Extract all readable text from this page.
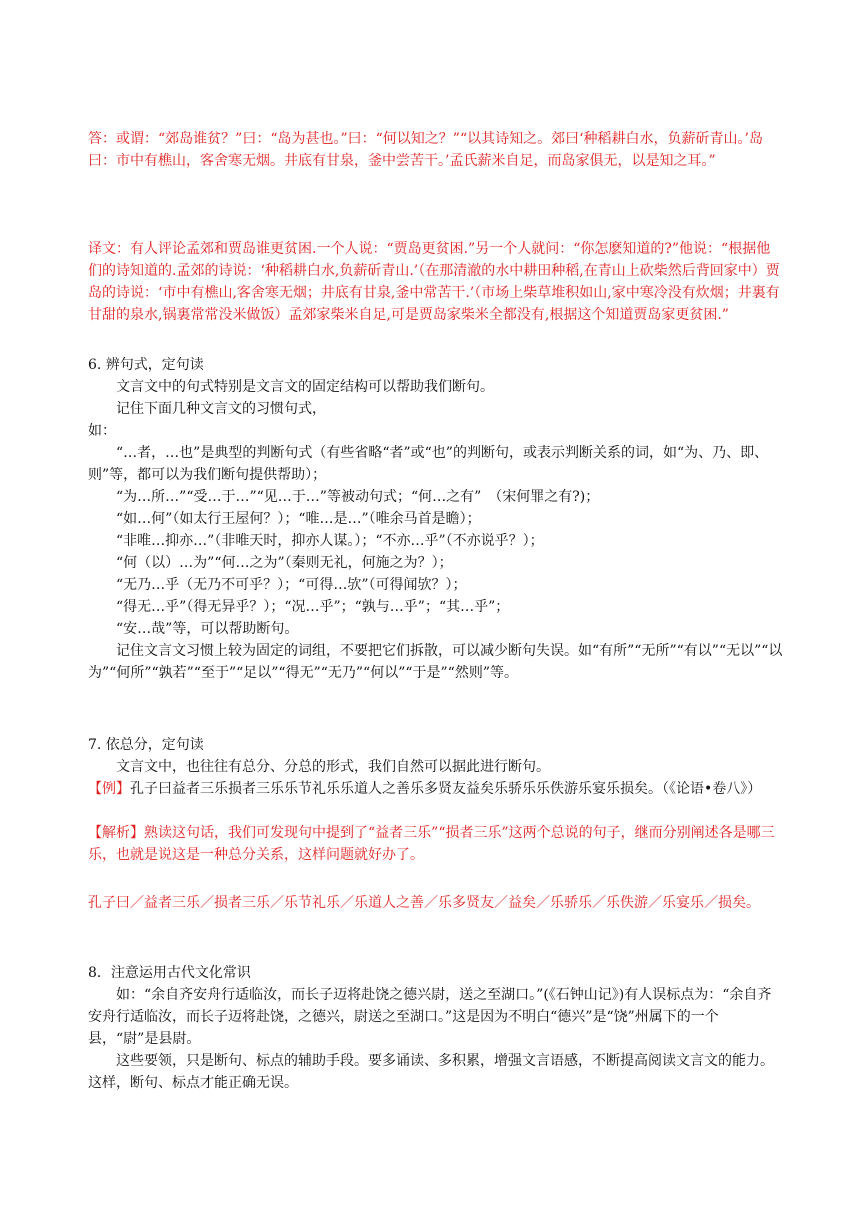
答：或谓：“郊岛谁贫？”曰：“岛为甚也。”曰：“何以知之？”“以其诗知之。郊曰‘种稻耕白水，负薪斫青山。’岛曰：市中有樵山，客舍寒无烟。井底有甘泉，釜中尝苦干。’孟氏薪米自足，而岛家俱无，以是知之耳。”

译文：有人评论孟郊和贾岛谁更贫困.一个人说：“贾岛更贫困.”另一个人就问：“你怎麽知道的?”他说：“根据他们的诗知道的.孟郊的诗说：‘种稻耕白水,负薪斫青山.’（在那清澈的水中耕田种稻,在青山上砍柴然后背回家中）贾岛的诗说：‘市中有樵山,客舍寒无烟；井底有甘泉,釜中常苦干.’（市场上柴草堆积如山,家中寒冷没有炊烟；井裏有甘甜的泉水,锅裏常常没米做饭）孟郊家柴米自足,可是贾岛家柴米全都没有,根据这个知道贾岛家更贫困.”

6. 辨句式，定句读

文言文中的句式特别是文言文的固定结构可以帮助我们断句。

记住下面几种文言文的习惯句式，

如：

“…者，…也”是典型的判断句式（有些省略“者”或“也”的判断句，或表示判断关系的词，如“为、乃、即、则”等，都可以为我们断句提供帮助）；

“为…所…”“受…于…”“见…于…”等被动句式；“何…之有”　（宋何罪之有?)；

“如…何”（如太行王屋何？）；“唯…是…”（唯余马首是瞻）；

“非唯…抑亦…”（非唯天时，抑亦人谋。）；“不亦…乎”（不亦说乎？）；

“何（以）…为”“何…之为”（秦则无礼，何施之为？）；

“无乃…乎（无乃不可乎？）；“可得…欤”（可得闻欤？）；

“得无…乎”（得无异乎？）；“况…乎”；“孰与…乎”；“其…乎”；

“安…哉”等，可以帮助断句。

记住文言文习惯上较为固定的词组，不要把它们拆散，可以减少断句失误。如“有所”“无所”“有以”“无以”“以为”“何所”“孰若”“至于”“足以”“得无”“无乃”“何以”“于是”“然则”等。

7. 依总分，定句读

文言文中，也往往有总分、分总的形式，我们自然可以据此进行断句。

【例】孔子曰益者三乐损者三乐乐节礼乐乐道人之善乐多贤友益矣乐骄乐乐佚游乐宴乐损矣。（《论语•卷八》）

【解析】熟读这句话，我们可发现句中提到了“益者三乐”“损者三乐”这两个总说的句子，继而分别阐述各是哪三乐，也就是说这是一种总分关系，这样问题就好办了。

孔子曰／益者三乐／损者三乐／乐节礼乐／乐道人之善／乐多贤友／益矣／乐骄乐／乐佚游／乐宴乐／损矣。

8．注意运用古代文化常识

如：“余自齐安舟行适临汝，而长子迈将赴饶之德兴尉，送之至湖口。”(《石钟山记》)有人误标点为：“余自齐安舟行适临汝，而长子迈将赴饶，之德兴，尉送之至湖口。”这是因为不明白“德兴”是“饶”州属下的一个县，“尉”是县尉。

这些要领，只是断句、标点的辅助手段。要多诵读、多积累，增强文言语感，不断提高阅读文言文的能力。这样，断句、标点才能正确无误。
